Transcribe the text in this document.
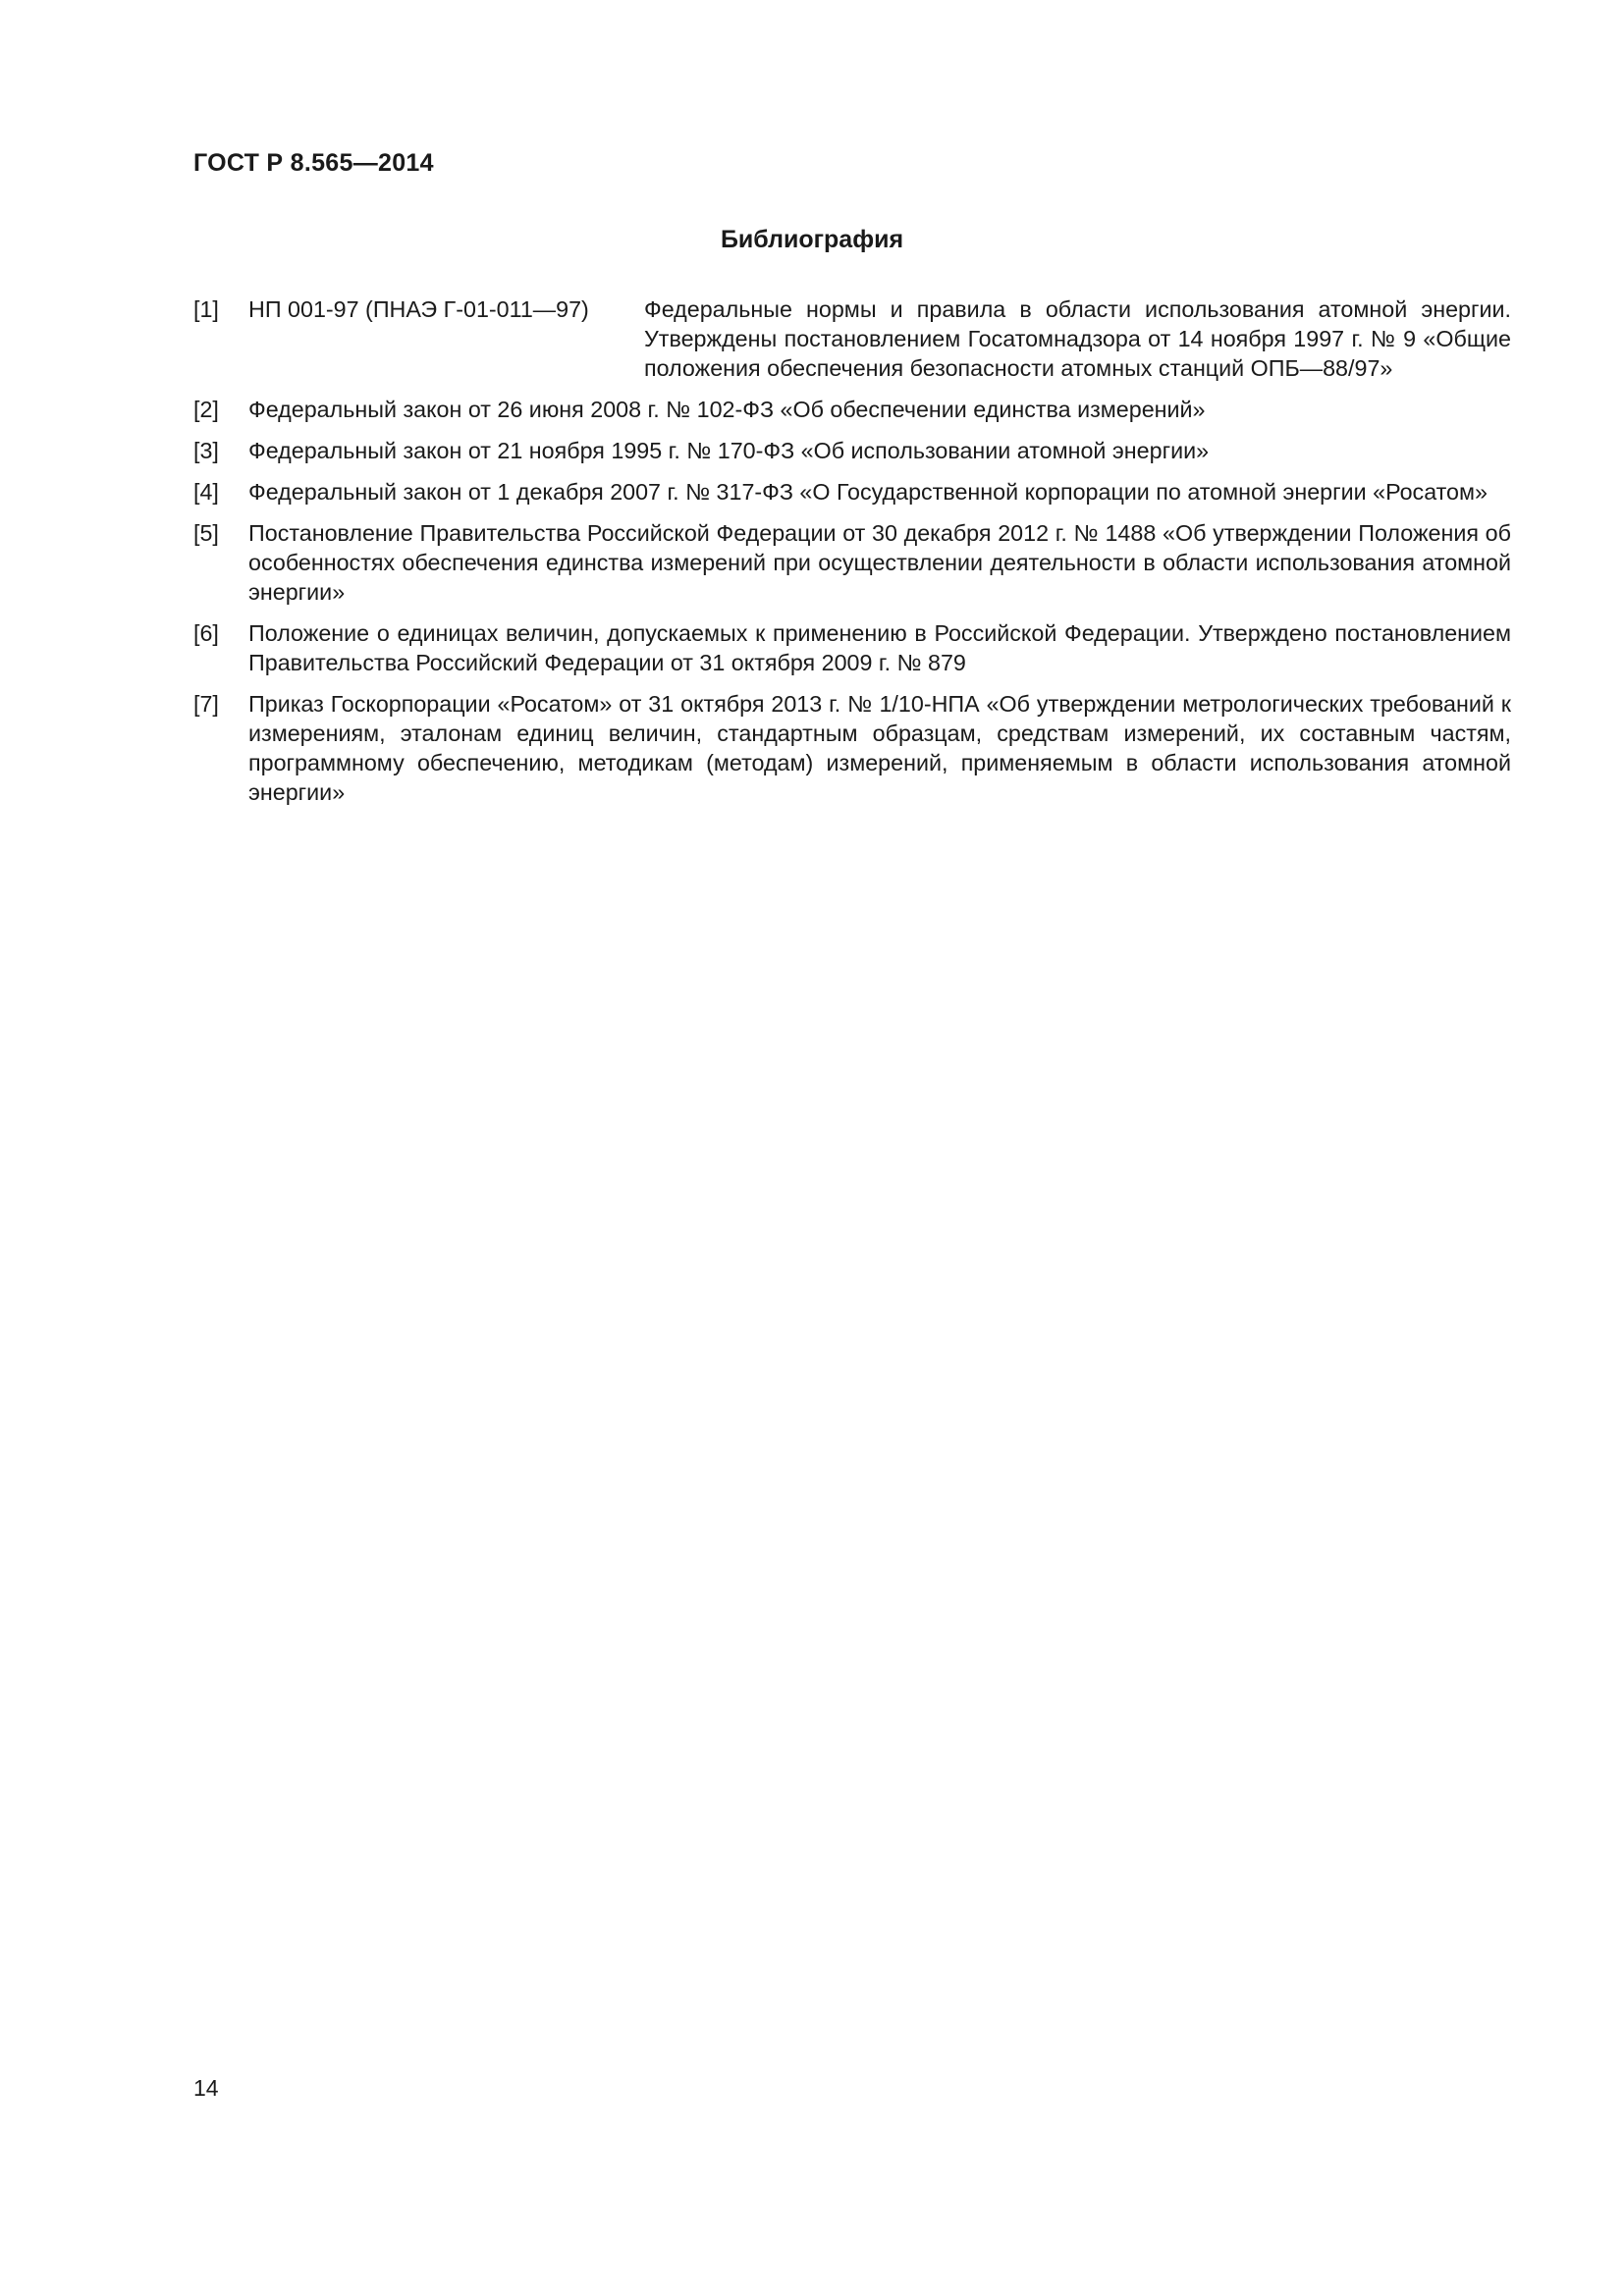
ГОСТ Р 8.565—2014
Библиография
[1] НП 001-97 (ПНАЭ Г-01-011—97)	Федеральные нормы и правила в области использования атомной энергии. Утверждены постановлением Госатомнадзора от 14 ноября 1997 г. № 9 «Общие положения обеспечения безопасности атомных станций ОПБ—88/97»
[2] Федеральный закон от 26 июня 2008 г. № 102-ФЗ «Об обеспечении единства измерений»
[3] Федеральный закон от 21 ноября 1995 г. № 170-ФЗ «Об использовании атомной энергии»
[4] Федеральный закон от 1 декабря 2007 г. № 317-ФЗ «О Государственной корпорации по атомной энергии «Росатом»
[5] Постановление Правительства Российской Федерации от 30 декабря 2012 г. № 1488 «Об утверждении Положения об особенностях обеспечения единства измерений при осуществлении деятельности в области использования атомной энергии»
[6] Положение о единицах величин, допускаемых к применению в Российской Федерации. Утверждено постановлением Правительства Российский Федерации от 31 октября 2009 г. № 879
[7] Приказ Госкорпорации «Росатом» от 31 октября 2013 г. № 1/10-НПА «Об утверждении метрологических требований к измерениям, эталонам единиц величин, стандартным образцам, средствам измерений, их составным частям, программному обеспечению, методикам (методам) измерений, применяемым в области использования атомной энергии»
14
